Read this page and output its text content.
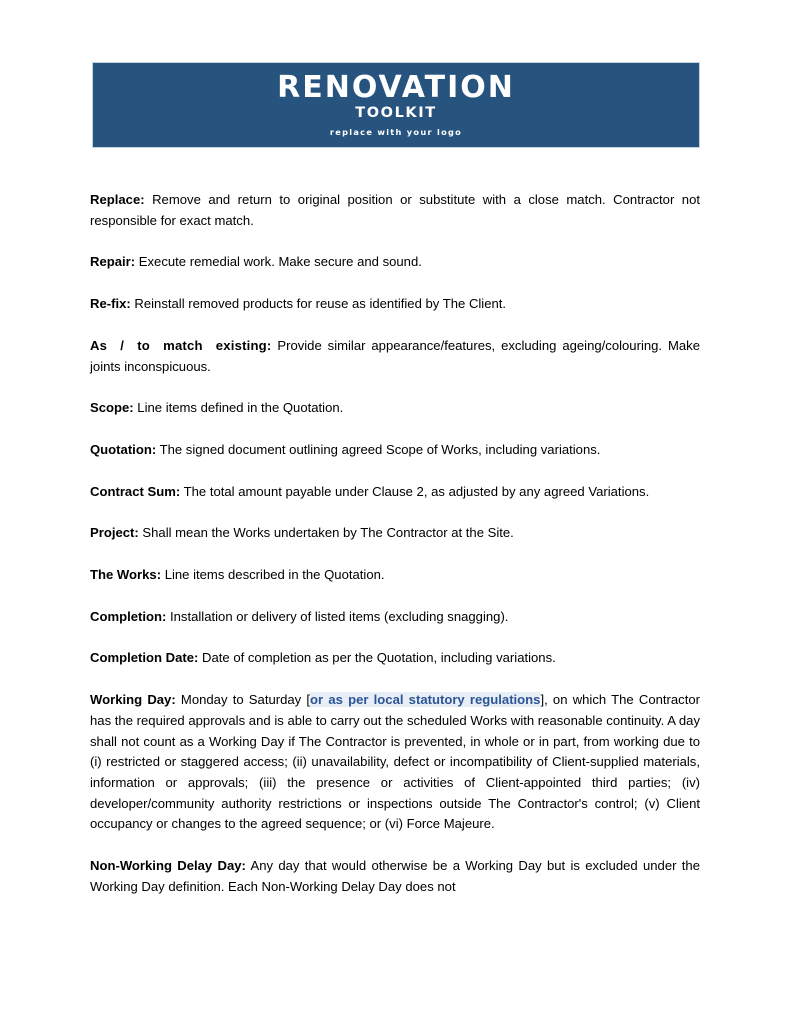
RENOVATION
TOOLKIT
replace with your logo

Replace: Remove and return to original position or substitute with a close match. Contractor not responsible for exact match.

Repair: Execute remedial work. Make secure and sound.

Re-fix: Reinstall removed products for reuse as identified by The Client.

As / to match existing: Provide similar appearance/features, excluding ageing/colouring. Make joints inconspicuous.

Scope: Line items defined in the Quotation.

Quotation: The signed document outlining agreed Scope of Works, including variations.

Contract Sum: The total amount payable under Clause 2, as adjusted by any agreed Variations.

Project: Shall mean the Works undertaken by The Contractor at the Site.

The Works: Line items described in the Quotation.

Completion: Installation or delivery of listed items (excluding snagging).

Completion Date: Date of completion as per the Quotation, including variations.

Working Day: Monday to Saturday [or as per local statutory regulations], on which The Contractor has the required approvals and is able to carry out the scheduled Works with reasonable continuity. A day shall not count as a Working Day if The Contractor is prevented, in whole or in part, from working due to (i) restricted or staggered access; (ii) unavailability, defect or incompatibility of Client-supplied materials, information or approvals; (iii) the presence or activities of Client-appointed third parties; (iv) developer/community authority restrictions or inspections outside The Contractor's control; (v) Client occupancy or changes to the agreed sequence; or (vi) Force Majeure.

Non-Working Delay Day: Any day that would otherwise be a Working Day but is excluded under the Working Day definition. Each Non-Working Delay Day does not
